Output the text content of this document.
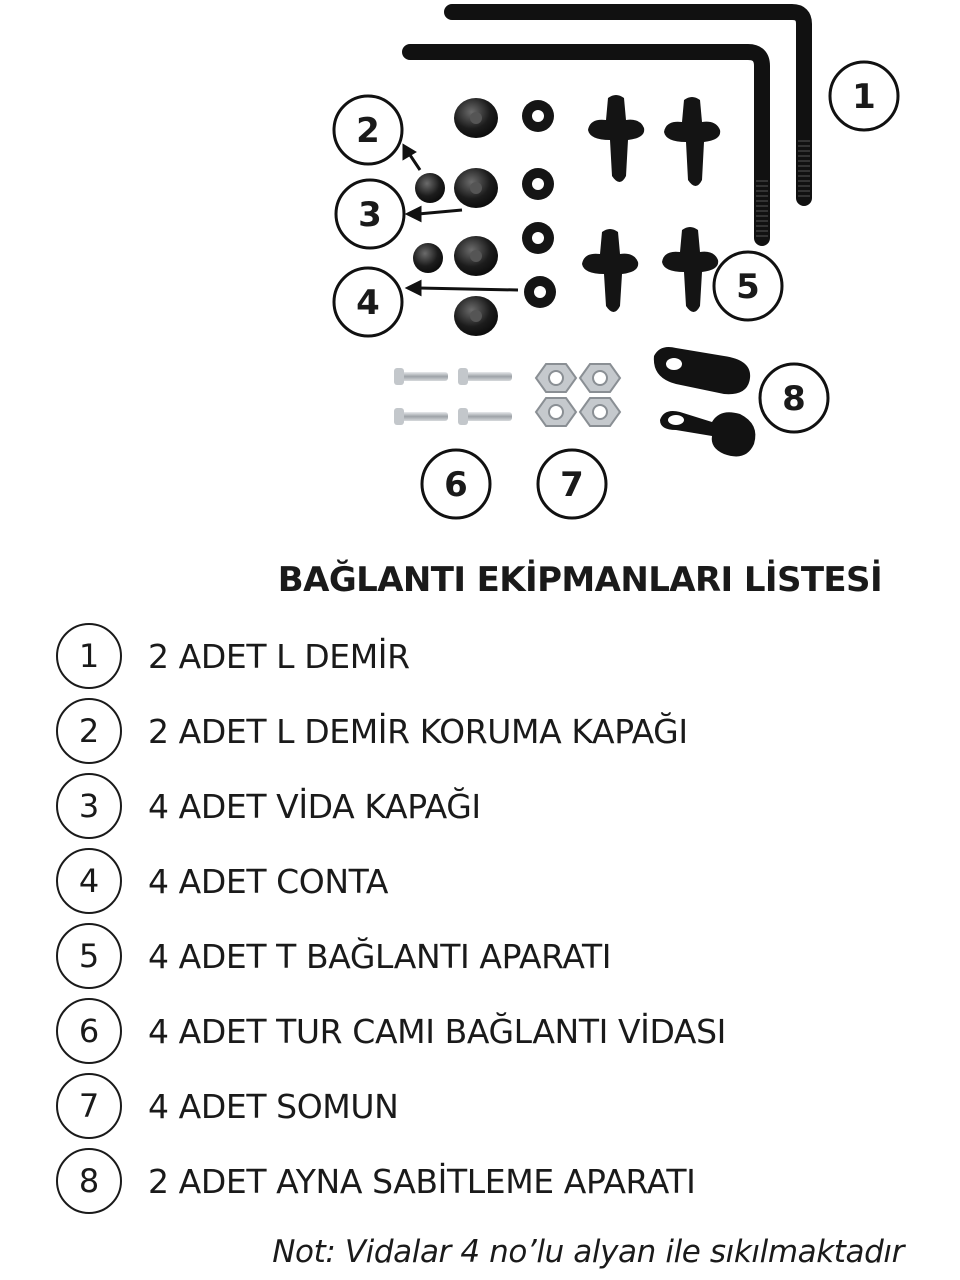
1
2
3
4	5
6	7
8
BAĞLANTI EKİPMANLARI LİSTESİ
1	2 ADET L DEMİR
2	2 ADET L DEMİR KORUMA KAPAĞI
3	4 ADET VİDA KAPAĞI
4	4 ADET CONTA
5	4 ADET T BAĞLANTI APARATI
6	4 ADET TUR CAMI BAĞLANTI VİDASI
7	4 ADET SOMUN
8	2 ADET AYNA SABİTLEME APARATI
Not: Vidalar 4 no’lu alyan ile sıkılmaktadır
